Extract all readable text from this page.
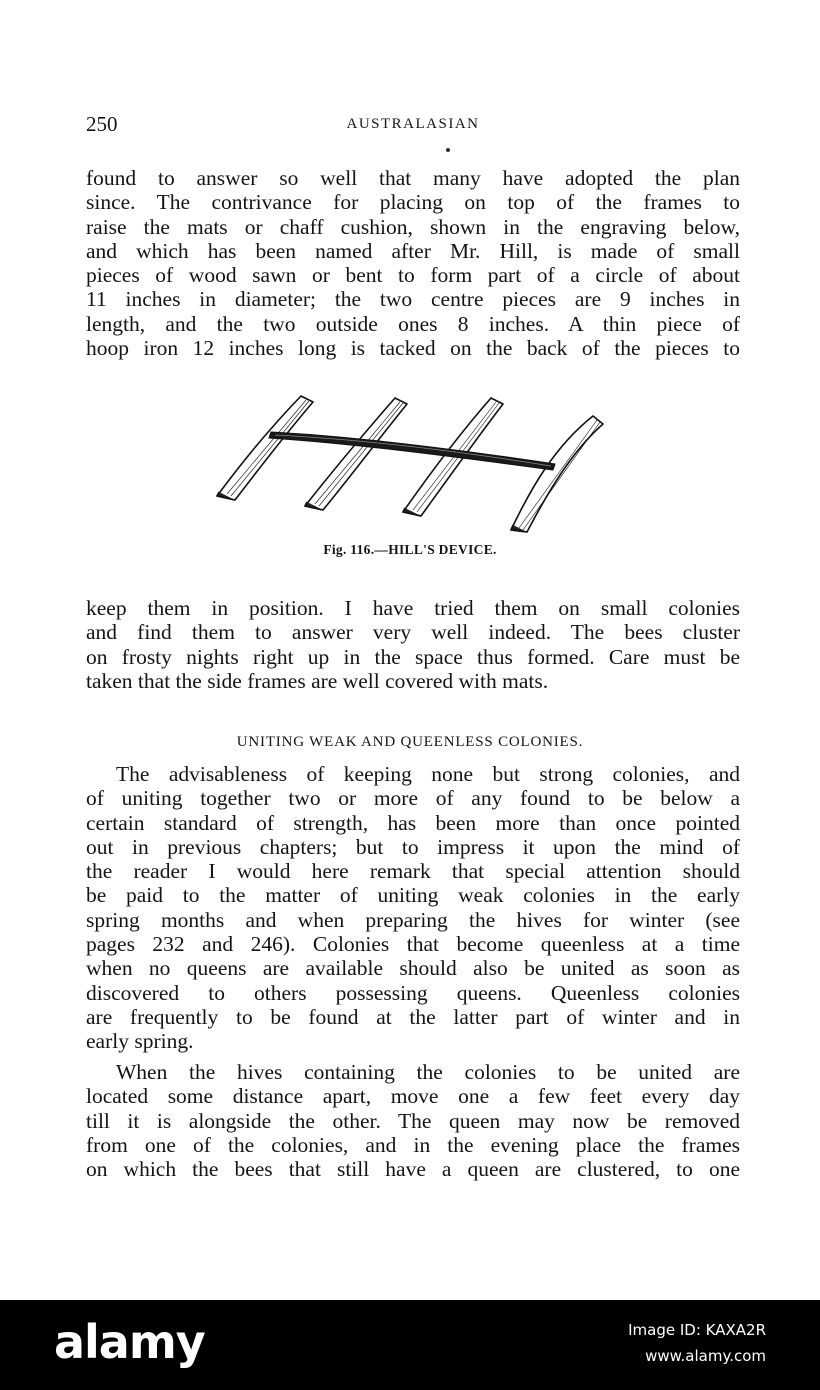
250	AUSTRALASIAN

found to answer so well that many have adopted the plan
since. The contrivance for placing on top of the frames to
raise the mats or chaff cushion, shown in the engraving below,
and which has been named after Mr. Hill, is made of small
pieces of wood sawn or bent to form part of a circle of about
11 inches in diameter; the two centre pieces are 9 inches in
length, and the two outside ones 8 inches. A thin piece of
hoop iron 12 inches long is tacked on the back of the pieces to

Fig. 116.—HILL'S DEVICE.

keep them in position. I have tried them on small colonies
and find them to answer very well indeed. The bees cluster
on frosty nights right up in the space thus formed. Care must be
taken that the side frames are well covered with mats.

UNITING WEAK AND QUEENLESS COLONIES.

The advisableness of keeping none but strong colonies, and
of uniting together two or more of any found to be below a
certain standard of strength, has been more than once pointed
out in previous chapters; but to impress it upon the mind of
the reader I would here remark that special attention should
be paid to the matter of uniting weak colonies in the early
spring months and when preparing the hives for winter (see
pages 232 and 246). Colonies that become queenless at a time
when no queens are available should also be united as soon as
discovered to others possessing queens. Queenless colonies
are frequently to be found at the latter part of winter and in
early spring.

When the hives containing the colonies to be united are
located some distance apart, move one a few feet every day
till it is alongside the other. The queen may now be removed
from one of the colonies, and in the evening place the frames
on which the bees that still have a queen are clustered, to one

alamy	Image ID: KAXA2R
www.alamy.com
